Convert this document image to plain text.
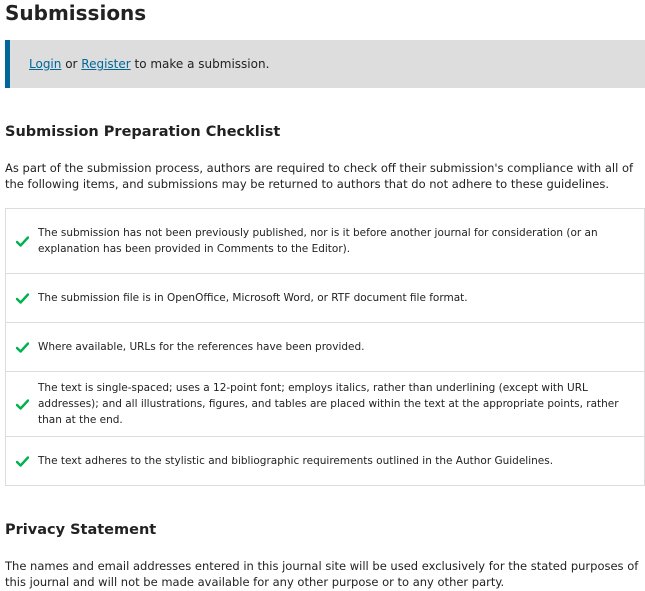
Submissions
Login or Register to make a submission.
Submission Preparation Checklist

As part of the submission process, authors are required to check off their submission's compliance with all of the following items, and submissions may be returned to authors that do not adhere to these guidelines.

The submission has not been previously published, nor is it before another journal for consideration (or an explanation has been provided in Comments to the Editor).
The submission file is in OpenOffice, Microsoft Word, or RTF document file format.
Where available, URLs for the references have been provided.
The text is single-spaced; uses a 12-point font; employs italics, rather than underlining (except with URL addresses); and all illustrations, figures, and tables are placed within the text at the appropriate points, rather than at the end.
The text adheres to the stylistic and bibliographic requirements outlined in the Author Guidelines.
Privacy Statement

The names and email addresses entered in this journal site will be used exclusively for the stated purposes of this journal and will not be made available for any other purpose or to any other party.
